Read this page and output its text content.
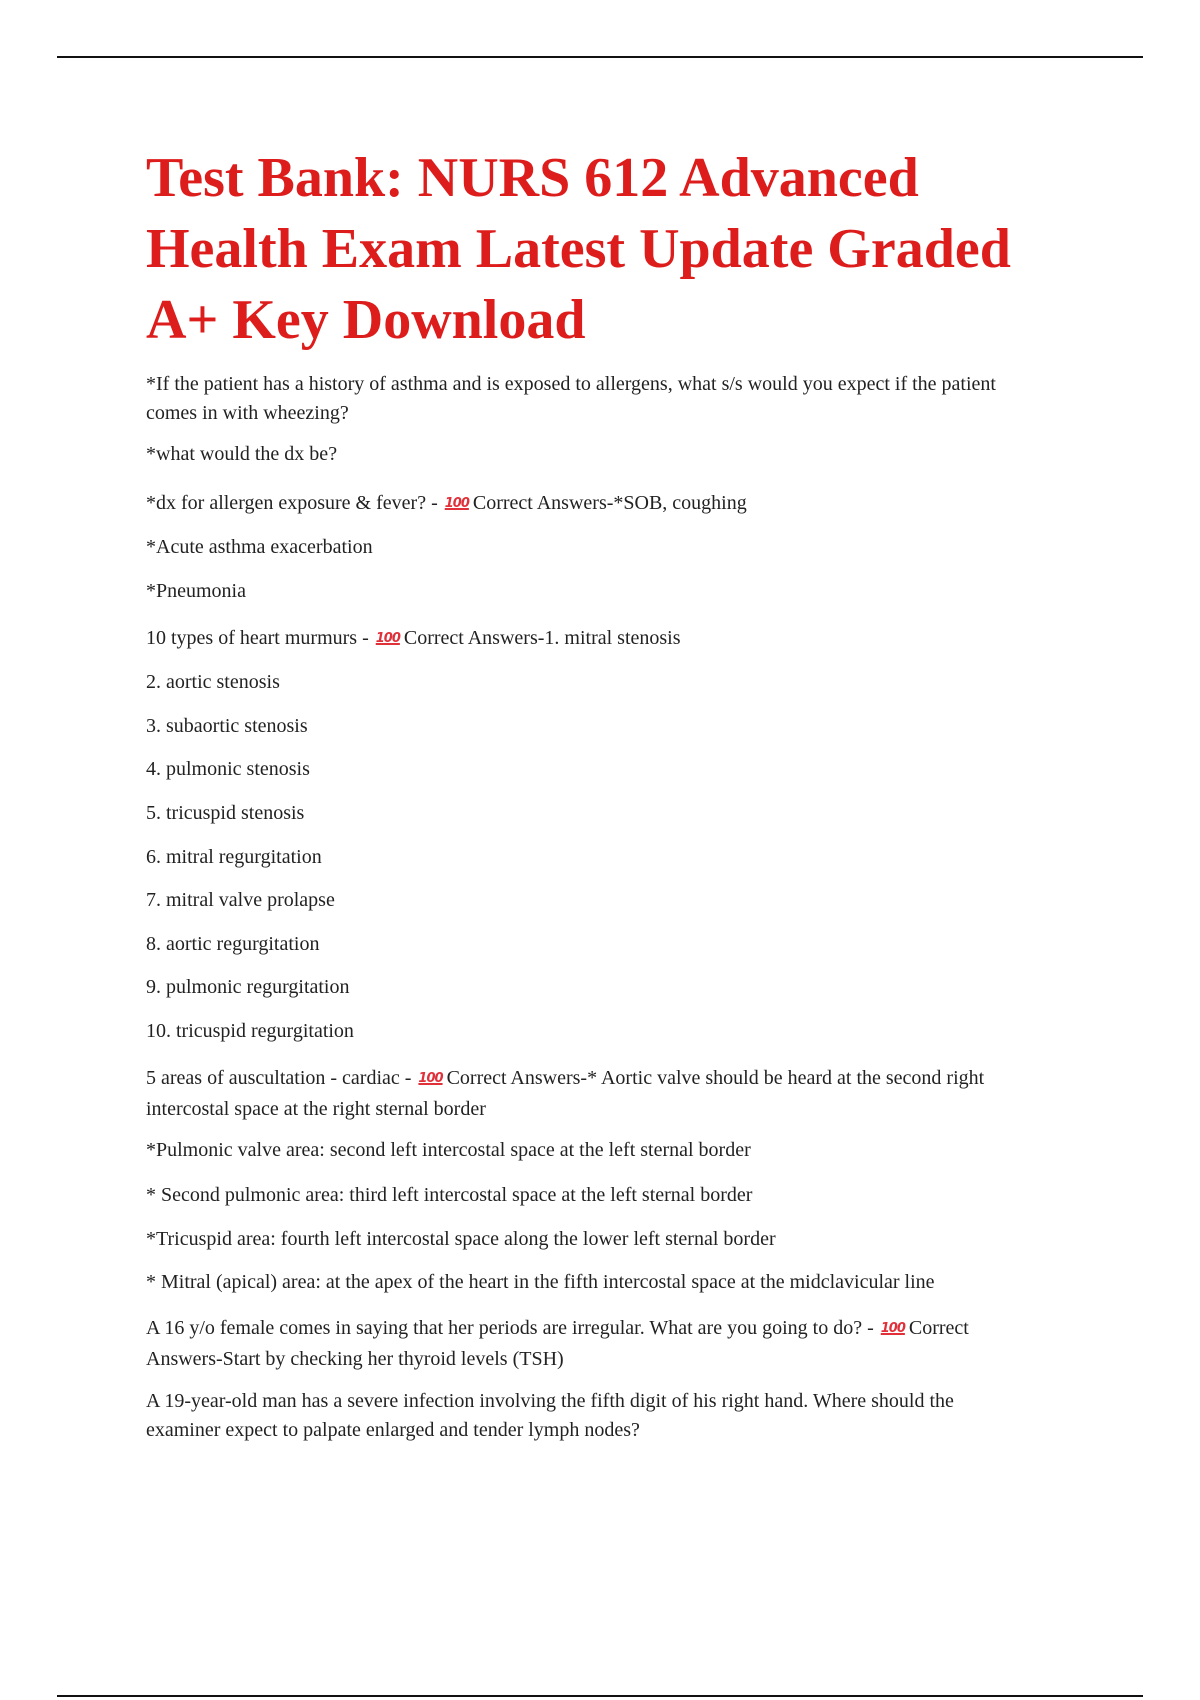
Test Bank: NURS 612 Advanced
Health Exam Latest Update Graded
A+ Key Download

*If the patient has a history of asthma and is exposed to allergens, what s/s would you expect if the patient
comes in with wheezing?

*what would the dx be?

*dx for allergen exposure & fever? - 100 Correct Answers-*SOB, coughing

*Acute asthma exacerbation

*Pneumonia

10 types of heart murmurs - 100 Correct Answers-1. mitral stenosis

2. aortic stenosis

3. subaortic stenosis

4. pulmonic stenosis

5. tricuspid stenosis

6. mitral regurgitation

7. mitral valve prolapse

8. aortic regurgitation

9. pulmonic regurgitation

10. tricuspid regurgitation

5 areas of auscultation - cardiac - 100 Correct Answers-* Aortic valve should be heard at the second right
intercostal space at the right sternal border

*Pulmonic valve area: second left intercostal space at the left sternal border

* Second pulmonic area: third left intercostal space at the left sternal border

*Tricuspid area: fourth left intercostal space along the lower left sternal border

* Mitral (apical) area: at the apex of the heart in the fifth intercostal space at the midclavicular line

A 16 y/o female comes in saying that her periods are irregular. What are you going to do? - 100 Correct
Answers-Start by checking her thyroid levels (TSH)

A 19-year-old man has a severe infection involving the fifth digit of his right hand. Where should the
examiner expect to palpate enlarged and tender lymph nodes?
